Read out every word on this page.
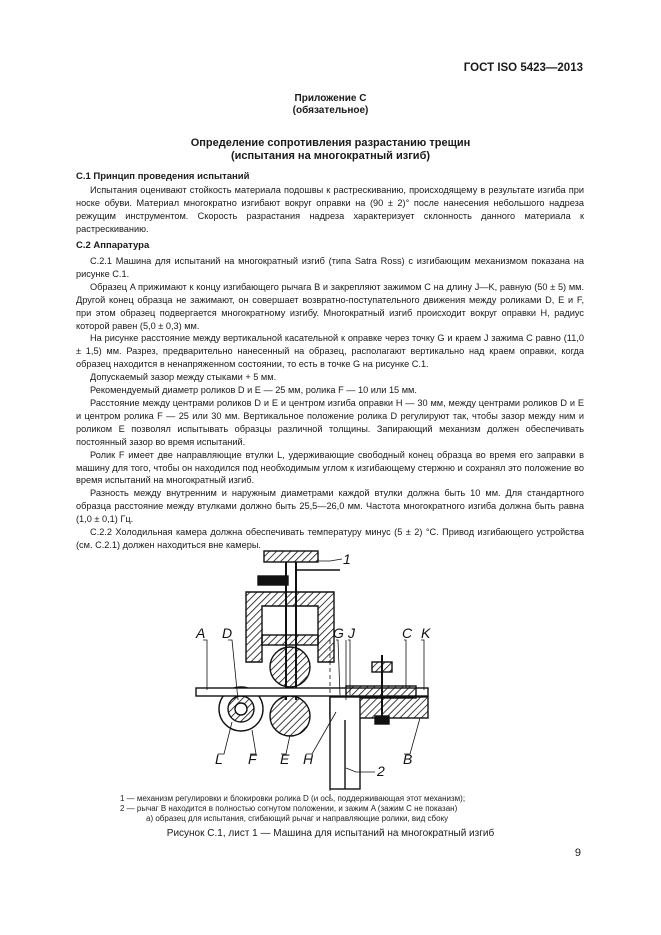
ГОСТ ISO 5423—2013
Приложение С
(обязательное)
Определение сопротивления разрастанию трещин
(испытания на многократный изгиб)
С.1 Принцип проведения испытаний

Испытания оценивают стойкость материала подошвы к растрескиванию, происходящему в результате изгиба при носке обуви. Материал многократно изгибают вокруг оправки на (90 ± 2)° после нанесения небольшого надреза режущим инструментом. Скорость разрастания надреза характеризует склонность данного материала к растрескиванию.

С.2 Аппаратура

С.2.1 Машина для испытаний на многократный изгиб (типа Satra Ross) с изгибающим механизмом показана на рисунке С.1.

Образец A прижимают к концу изгибающего рычага B и закрепляют зажимом C на длину J—K, равную (50 ± 5) мм. Другой конец образца не зажимают, он совершает возвратно-поступательного движения между роликами D, E и F, при этом образец подвергается многократному изгибу. Многократный изгиб происходит вокруг оправки H, радиус которой равен (5,0 ± 0,3) мм.

На рисунке расстояние между вертикальной касательной к оправке через точку G и краем J зажима C равно (11,0 ± 1,5) мм. Разрез, предварительно нанесенный на образец, располагают вертикально над краем оправки, когда образец находится в ненапряженном состоянии, то есть в точке G на рисунке С.1.

Допускаемый зазор между стыками + 5 мм.

Рекомендуемый диаметр роликов D и E — 25 мм, ролика F — 10 или 15 мм.

Расстояние между центрами роликов D и E и центром изгиба оправки H — 30 мм, между центрами роликов D и E и центром ролика F — 25 или 30 мм. Вертикальное положение ролика D регулируют так, чтобы зазор между ним и роликом E позволял испытывать образцы различной толщины. Запирающий механизм должен обеспечивать постоянный зазор во время испытаний.

Ролик F имеет две направляющие втулки L, удерживающие свободный конец образца во время его заправки в машину для того, чтобы он находился под необходимым углом к изгибающему стержню и сохранял это положение во время испытаний на многократный изгиб.

Разность между внутренним и наружным диаметрами каждой втулки должна быть 10 мм. Для стандартного образца расстояние между втулками должно быть 25,5—26,0 мм. Частота многократного изгиба должна быть равна (1,0 ± 0,1) Гц.

С.2.2 Холодильная камера должна обеспечивать температуру минус (5 ± 2) °С. Привод изгибающего устройства (см. С.2.1) должен находиться вне камеры.

A D	G J	C K
L F E H	B
1
2
1 — механизм регулировки и блокировки ролика D (и ось, поддерживающая этот механизм);
2 — рычаг B находится в полностью согнутом положении, и зажим A (зажим C не показан)
а) образец для испытания, сгибающий рычаг и направляющие ролики, вид сбоку
Рисунок С.1, лист 1 — Машина для испытаний на многократный изгиб
9
